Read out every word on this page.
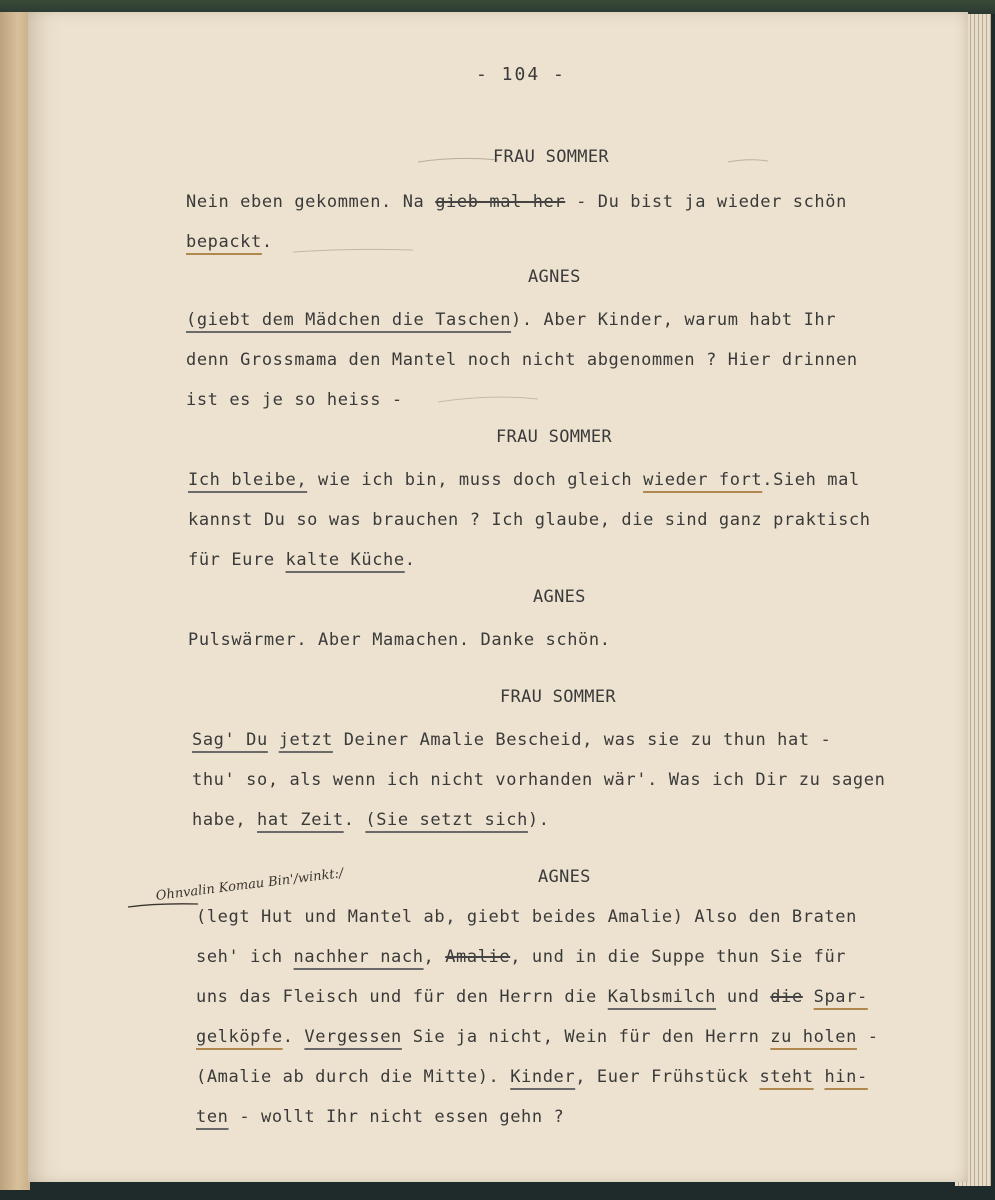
- 104 -

FRAU SOMMER

Nein eben gekommen. Na gieb mal her - Du bist ja wieder schön

bepackt.

AGNES

(giebt dem Mädchen die Taschen). Aber Kinder, warum habt Ihr

denn Grossmama den Mantel noch nicht abgenommen ? Hier drinnen

ist es je so heiss -

FRAU SOMMER

Ich bleibe, wie ich bin, muss doch gleich wieder fort.Sieh mal

kannst Du so was brauchen ? Ich glaube, die sind ganz praktisch

für Eure kalte Küche.

AGNES

Pulswärmer. Aber Mamachen. Danke schön.

FRAU SOMMER

Sag' Du jetzt Deiner Amalie Bescheid, was sie zu thun hat -

thu' so, als wenn ich nicht vorhanden wär'. Was ich Dir zu sagen

habe, hat Zeit. (Sie setzt sich).

AGNES

(legt Hut und Mantel ab, giebt beides Amalie) Also den Braten

seh' ich nachher nach, Amalie, und in die Suppe thun Sie für

uns das Fleisch und für den Herrn die Kalbsmilch und die Spar-

gelköpfe. Vergessen Sie ja nicht, Wein für den Herrn zu holen -

(Amalie ab durch die Mitte). Kinder, Euer Frühstück steht hin-

ten - wollt Ihr nicht essen gehn ?

Ohnvalin Komau Bin'/winkt:/
